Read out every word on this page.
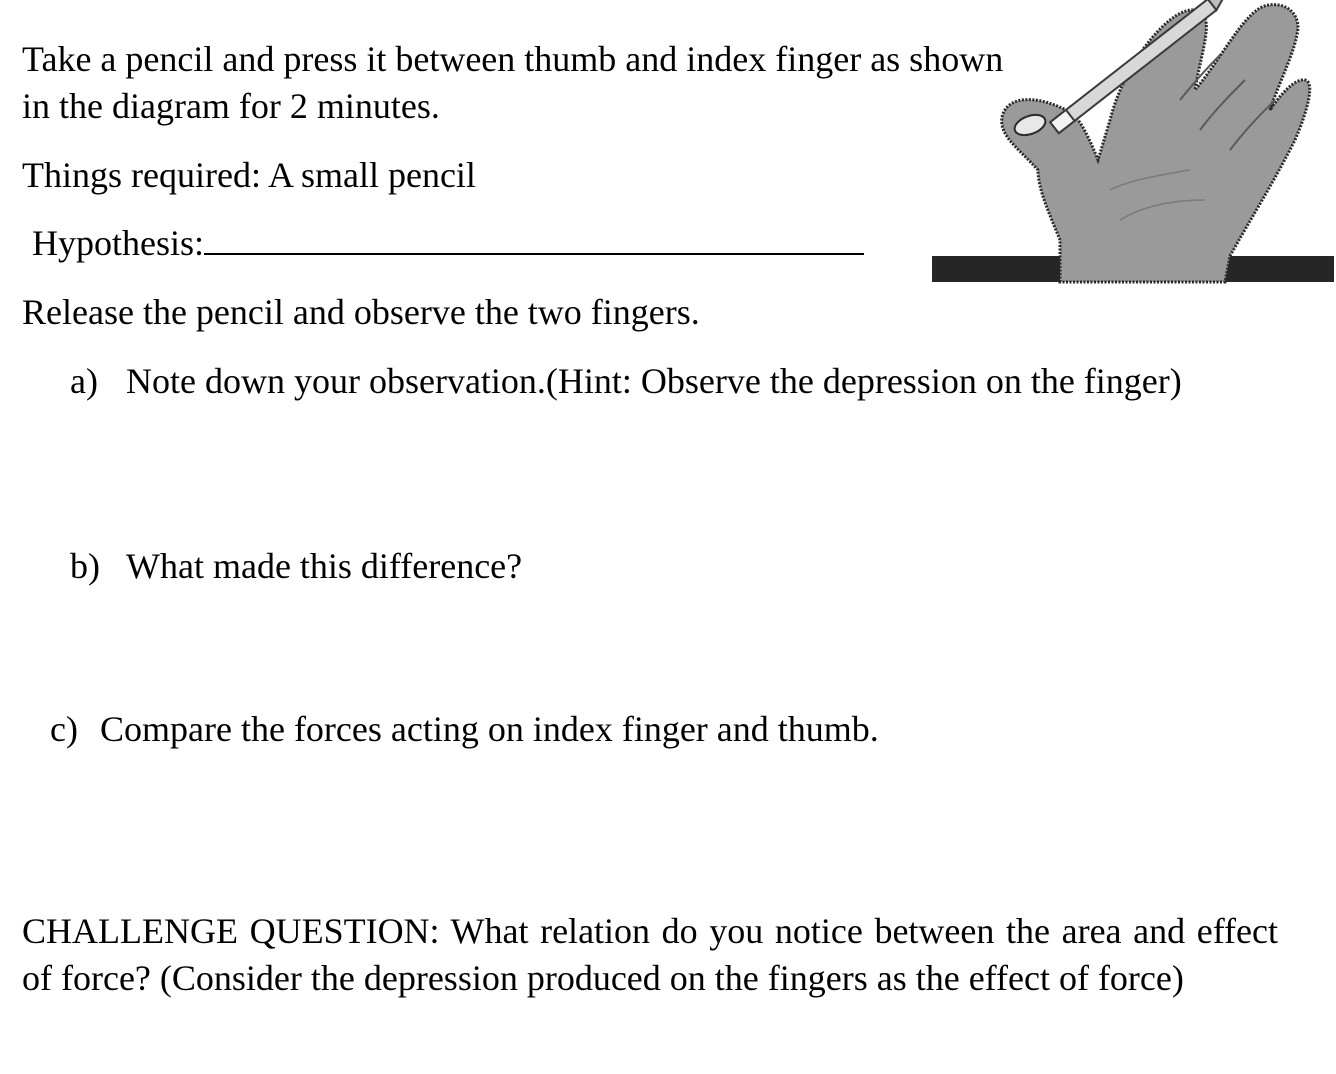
Take a pencil and press it between thumb and index finger as shown

in the diagram for 2 minutes.

Things required: A small pencil

Hypothesis:

Release the pencil and observe the two fingers.

a) Note down your observation.(Hint: Observe the depression on the finger)

b) What made this difference?

c) Compare the forces acting on index finger and thumb.

CHALLENGE QUESTION: What relation do you notice between the area and effect of force? (Consider the depression produced on the fingers as the effect of force)
